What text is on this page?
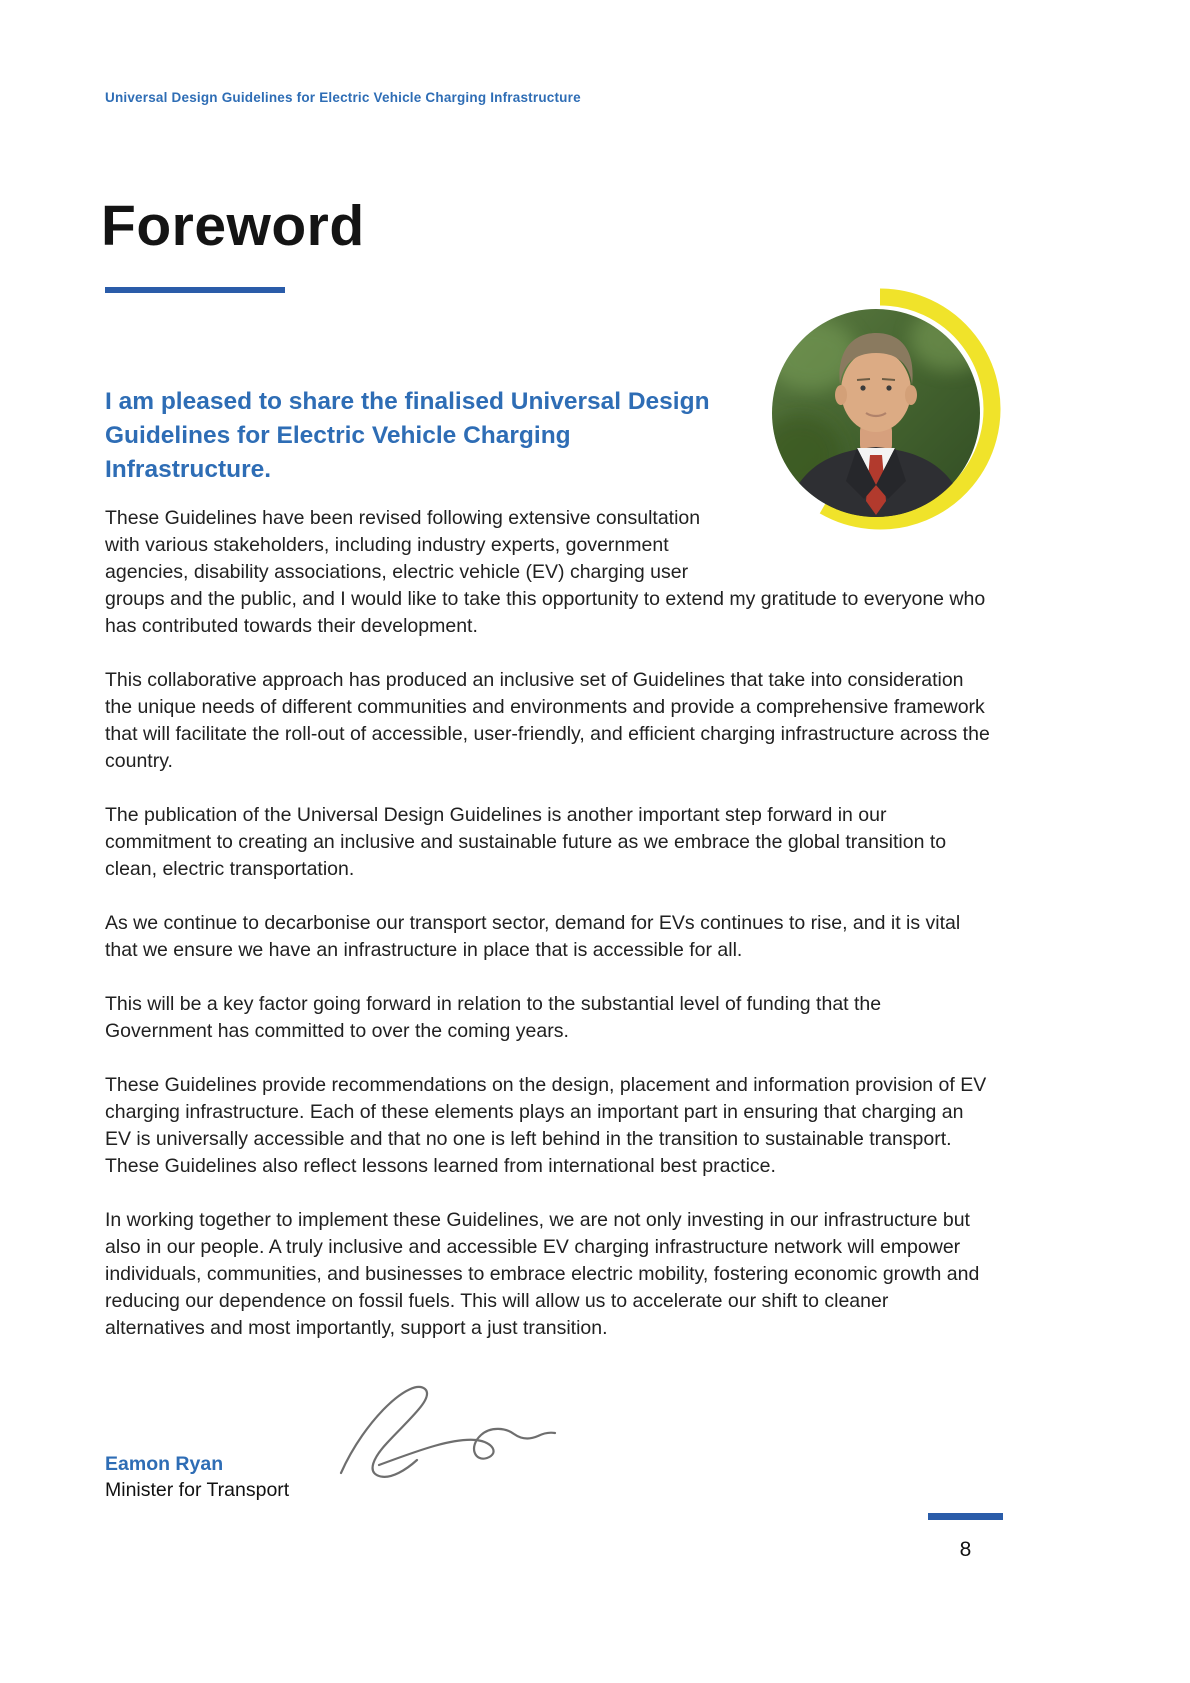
Universal Design Guidelines for Electric Vehicle Charging Infrastructure
Foreword
I am pleased to share the finalised Universal Design Guidelines for Electric Vehicle Charging Infrastructure.

These Guidelines have been revised following extensive consultation with various stakeholders, including industry experts, government agencies, disability associations, electric vehicle (EV) charging user groups and the public, and I would like to take this opportunity to extend my gratitude to everyone who has contributed towards their development.

This collaborative approach has produced an inclusive set of Guidelines that take into consideration the unique needs of different communities and environments and provide a comprehensive framework that will facilitate the roll-out of accessible, user-friendly, and efficient charging infrastructure across the country.

The publication of the Universal Design Guidelines is another important step forward in our commitment to creating an inclusive and sustainable future as we embrace the global transition to clean, electric transportation.

As we continue to decarbonise our transport sector, demand for EVs continues to rise, and it is vital that we ensure we have an infrastructure in place that is accessible for all.

This will be a key factor going forward in relation to the substantial level of funding that the Government has committed to over the coming years.

These Guidelines provide recommendations on the design, placement and information provision of EV charging infrastructure. Each of these elements plays an important part in ensuring that charging an EV is universally accessible and that no one is left behind in the transition to sustainable transport. These Guidelines also reflect lessons learned from international best practice.

In working together to implement these Guidelines, we are not only investing in our infrastructure but also in our people. A truly inclusive and accessible EV charging infrastructure network will empower individuals, communities, and businesses to embrace electric mobility, fostering economic growth and reducing our dependence on fossil fuels. This will allow us to accelerate our shift to cleaner alternatives and most importantly, support a just transition.

Eamon Ryan
Minister for Transport
8
